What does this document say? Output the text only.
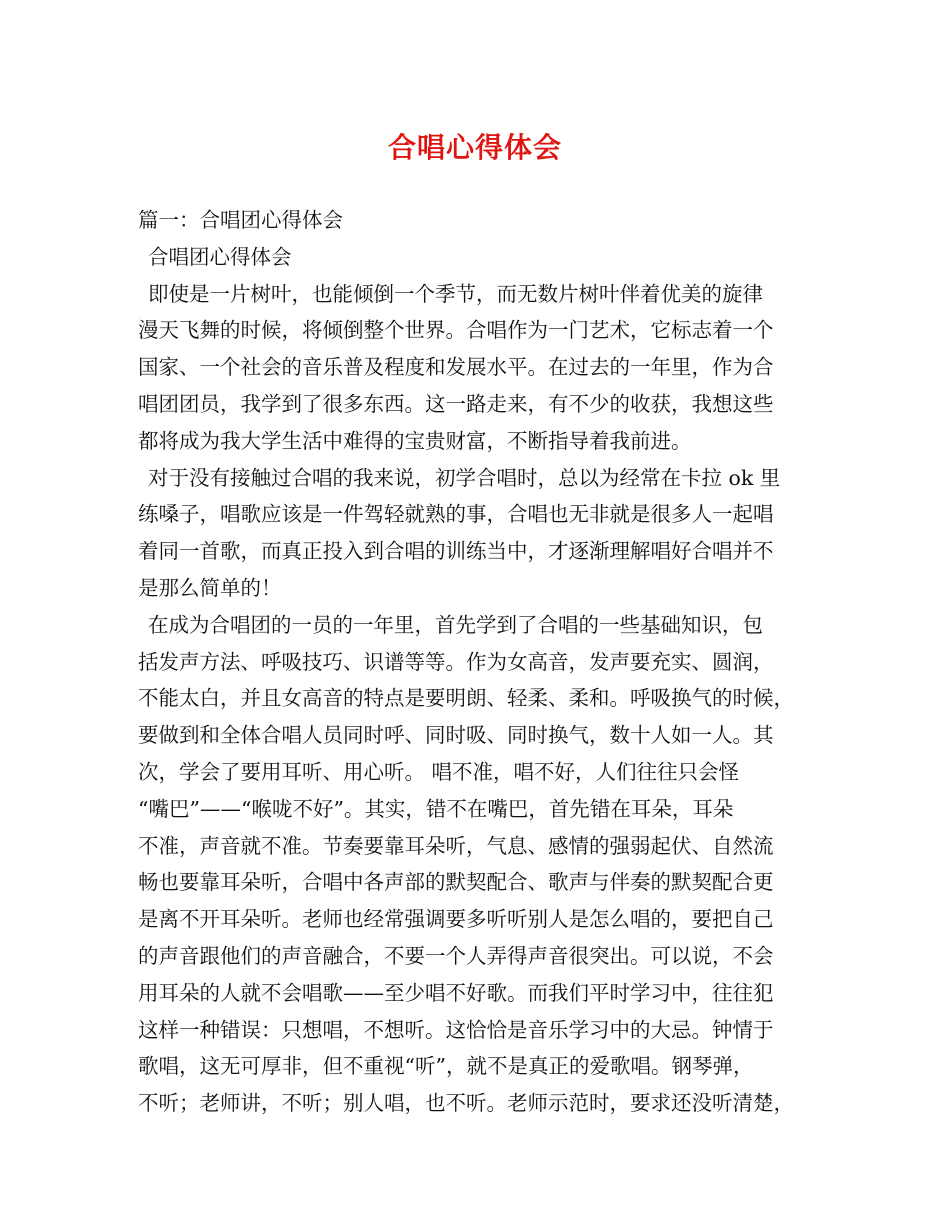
合唱心得体会
篇一：合唱团心得体会
合唱团心得体会
即使是一片树叶，也能倾倒一个季节，而无数片树叶伴着优美的旋律
漫天飞舞的时候，将倾倒整个世界。合唱作为一门艺术，它标志着一个
国家、一个社会的音乐普及程度和发展水平。在过去的一年里，作为合
唱团团员，我学到了很多东西。这一路走来，有不少的收获，我想这些
都将成为我大学生活中难得的宝贵财富，不断指导着我前进。
对于没有接触过合唱的我来说，初学合唱时，总以为经常在卡拉 ok 里
练嗓子，唱歌应该是一件驾轻就熟的事，合唱也无非就是很多人一起唱
着同一首歌，而真正投入到合唱的训练当中，才逐渐理解唱好合唱并不
是那么简单的！
在成为合唱团的一员的一年里，首先学到了合唱的一些基础知识，包
括发声方法、呼吸技巧、识谱等等。作为女高音，发声要充实、圆润，
不能太白，并且女高音的特点是要明朗、轻柔、柔和。呼吸换气的时候，
要做到和全体合唱人员同时呼、同时吸、同时换气，数十人如一人。其
次，学会了要用耳听、用心听。 唱不准，唱不好，人们往往只会怪
“嘴巴”——“喉咙不好”。其实，错不在嘴巴，首先错在耳朵，耳朵
不准，声音就不准。节奏要靠耳朵听，气息、感情的强弱起伏、自然流
畅也要靠耳朵听，合唱中各声部的默契配合、歌声与伴奏的默契配合更
是离不开耳朵听。老师也经常强调要多听听别人是怎么唱的，要把自己
的声音跟他们的声音融合，不要一个人弄得声音很突出。可以说，不会
用耳朵的人就不会唱歌——至少唱不好歌。而我们平时学习中，往往犯
这样一种错误：只想唱，不想听。这恰恰是音乐学习中的大忌。钟情于
歌唱，这无可厚非，但不重视“听”，就不是真正的爱歌唱。钢琴弹，
不听；老师讲，不听；别人唱，也不听。老师示范时，要求还没听清楚，
